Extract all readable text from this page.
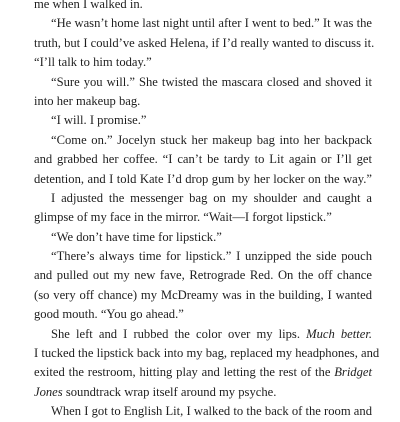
me when I walked in.
“He wasn’t home last night until after I went to bed.” It was the
truth, but I could’ve asked Helena, if I’d really wanted to discuss it.
“I’ll talk to him today.”
“Sure you will.” She twisted the mascara closed and shoved it
into her makeup bag.
“I will. I promise.”
“Come on.” Jocelyn stuck her makeup bag into her backpack
and grabbed her coffee. “I can’t be tardy to Lit again or I’ll get
detention, and I told Kate I’d drop gum by her locker on the way.”
I adjusted the messenger bag on my shoulder and caught a
glimpse of my face in the mirror. “Wait—I forgot lipstick.”
“We don’t have time for lipstick.”
“There’s always time for lipstick.” I unzipped the side pouch
and pulled out my new fave, Retrograde Red. On the off chance
(so very off chance) my McDreamy was in the building, I wanted
good mouth. “You go ahead.”
She left and I rubbed the color over my lips. Much better.
I tucked the lipstick back into my bag, replaced my headphones, and
exited the restroom, hitting play and letting the rest of the Bridget
Jones soundtrack wrap itself around my psyche.
When I got to English Lit, I walked to the back of the room and
